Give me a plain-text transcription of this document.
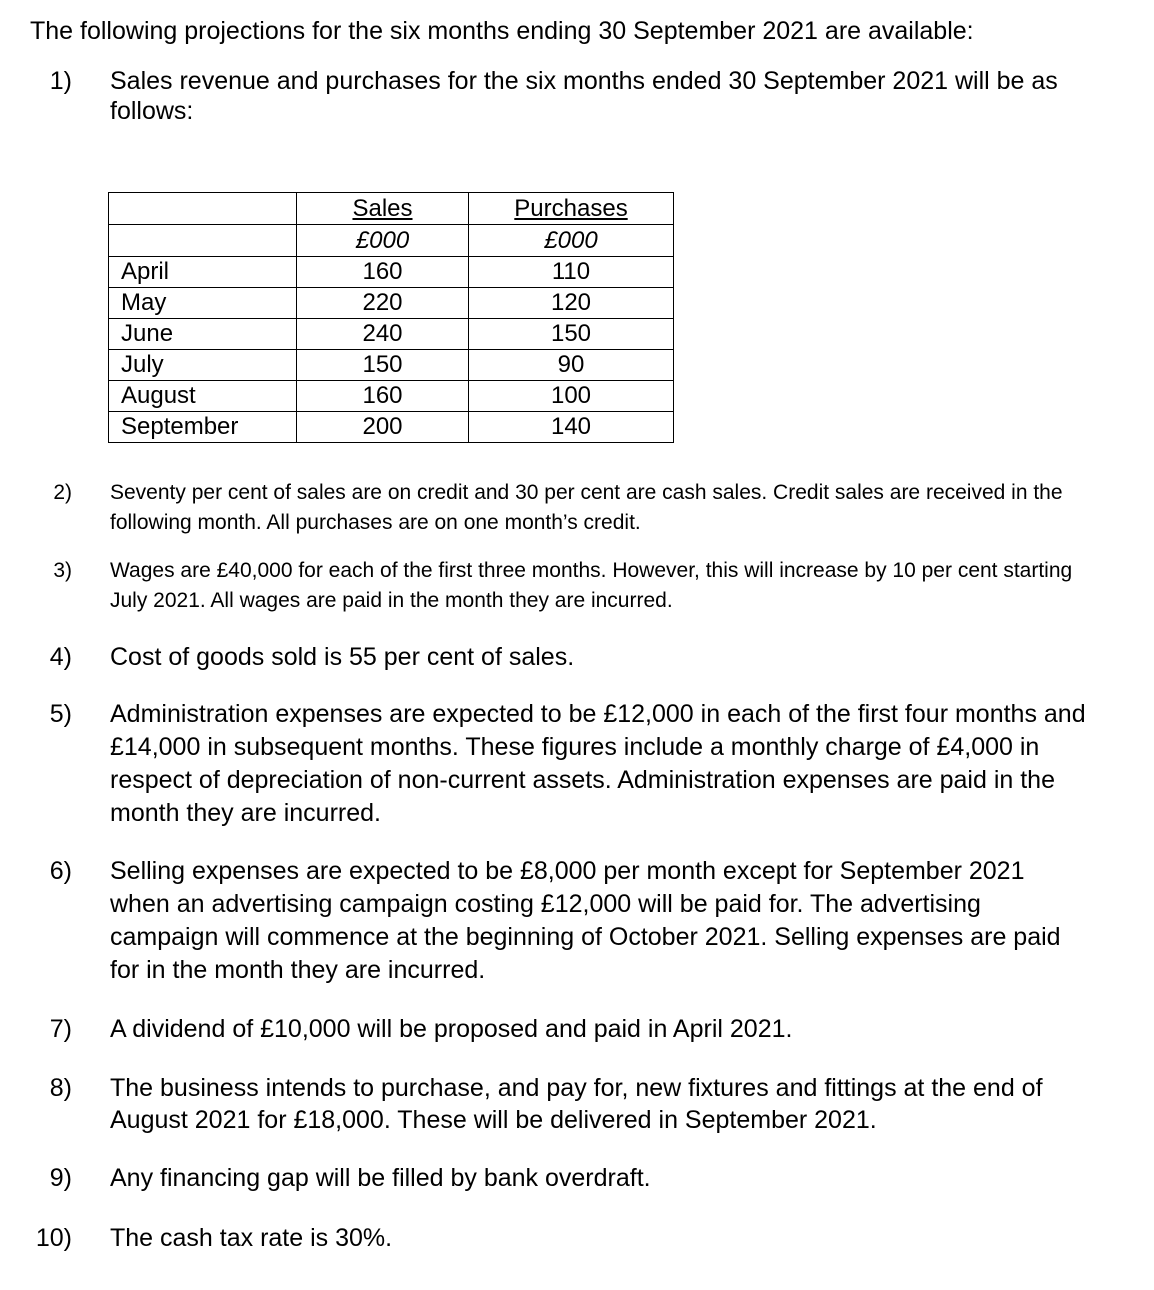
The following projections for the six months ending 30 September 2021 are available:
1) Sales revenue and purchases for the six months ended 30 September 2021 will be as follows:
	Sales	Purchases
	£000	£000
April	160	110
May	220	120
June	240	150
July	150	90
August	160	100
September	200	140
2) Seventy per cent of sales are on credit and 30 per cent are cash sales. Credit sales are received in the following month. All purchases are on one month’s credit.
3) Wages are £40,000 for each of the first three months. However, this will increase by 10 per cent starting July 2021. All wages are paid in the month they are incurred.
4) Cost of goods sold is 55 per cent of sales.
5) Administration expenses are expected to be £12,000 in each of the first four months and £14,000 in subsequent months. These figures include a monthly charge of £4,000 in respect of depreciation of non-current assets. Administration expenses are paid in the month they are incurred.
6) Selling expenses are expected to be £8,000 per month except for September 2021 when an advertising campaign costing £12,000 will be paid for. The advertising campaign will commence at the beginning of October 2021. Selling expenses are paid for in the month they are incurred.
7) A dividend of £10,000 will be proposed and paid in April 2021.
8) The business intends to purchase, and pay for, new fixtures and fittings at the end of August 2021 for £18,000. These will be delivered in September 2021.
9) Any financing gap will be filled by bank overdraft.
10) The cash tax rate is 30%.
